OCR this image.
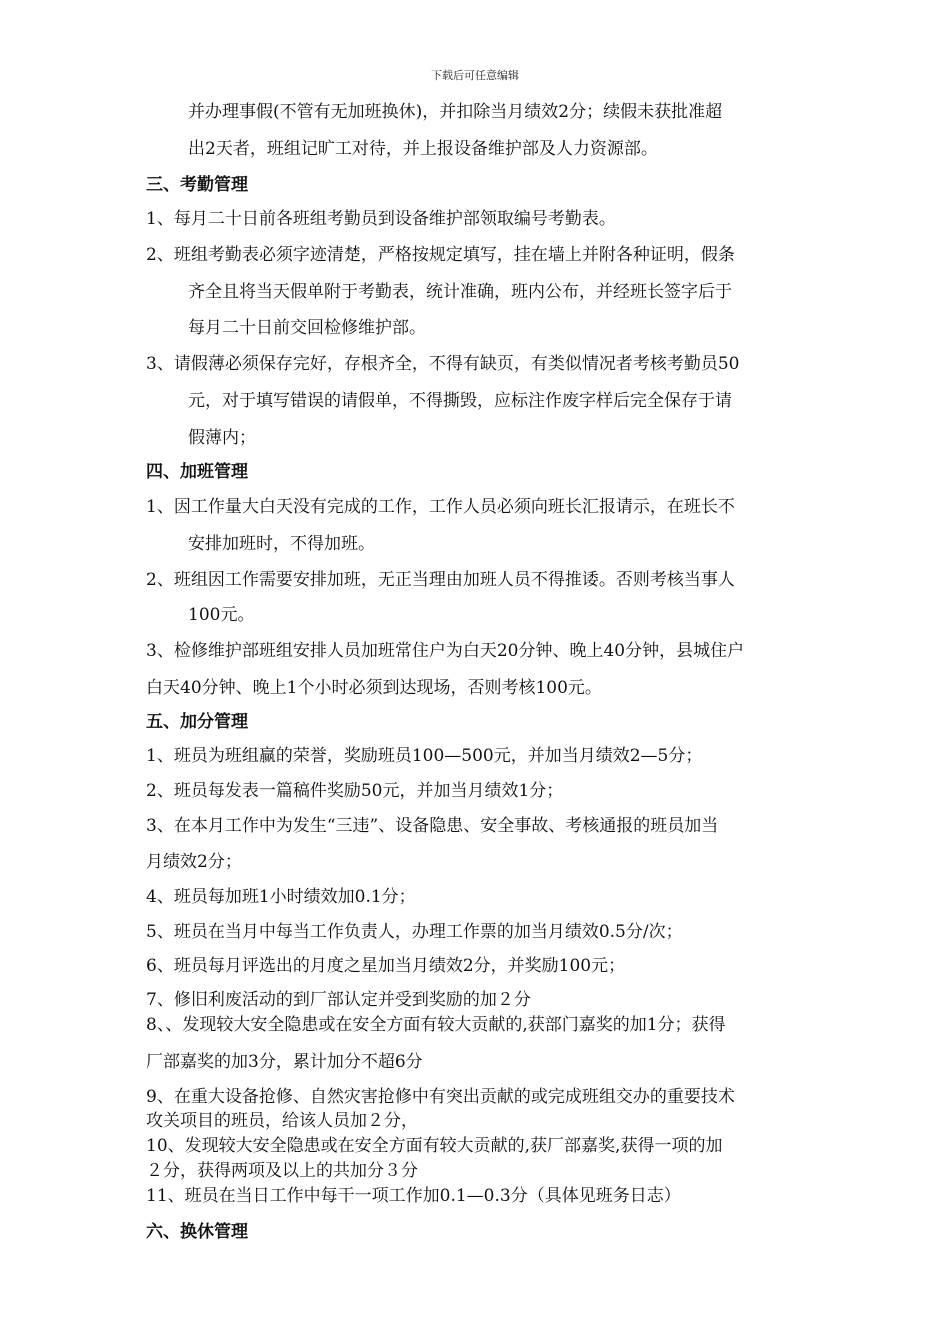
下载后可任意编辑
并办理事假(不管有无加班换休)，并扣除当月绩效2分；续假未获批准超
出2天者，班组记旷工对待，并上报设备维护部及人力资源部。
三、考勤管理
1、每月二十日前各班组考勤员到设备维护部领取编号考勤表。
2、班组考勤表必须字迹清楚，严格按规定填写，挂在墙上并附各种证明，假条
齐全且将当天假单附于考勤表，统计准确，班内公布，并经班长签字后于
每月二十日前交回检修维护部。
3、请假薄必须保存完好，存根齐全，不得有缺页，有类似情况者考核考勤员50
元，对于填写错误的请假单，不得撕毁，应标注作废字样后完全保存于请
假薄内；
四、加班管理
1、因工作量大白天没有完成的工作，工作人员必须向班长汇报请示，在班长不
安排加班时，不得加班。
2、班组因工作需要安排加班，无正当理由加班人员不得推诿。否则考核当事人
100元。
3、检修维护部班组安排人员加班常住户为白天20分钟、晚上40分钟，县城住户
白天40分钟、晚上1个小时必须到达现场，否则考核100元。
五、加分管理
1、班员为班组赢的荣誉，奖励班员100—500元，并加当月绩效2—5分；
2、班员每发表一篇稿件奖励50元，并加当月绩效1分；
3、在本月工作中为发生“三违”、设备隐患、安全事故、考核通报的班员加当
月绩效2分；
4、班员每加班1小时绩效加0.1分；
5、班员在当月中每当工作负责人，办理工作票的加当月绩效0.5分/次；
6、班员每月评选出的月度之星加当月绩效2分，并奖励100元；
7、修旧利废活动的到厂部认定并受到奖励的加２分
8、、发现较大安全隐患或在安全方面有较大贡献的,获部门嘉奖的加1分；获得
厂部嘉奖的加3分，累计加分不超6分
9、在重大设备抢修、自然灾害抢修中有突出贡献的或完成班组交办的重要技术
攻关项目的班员，给该人员加２分，
10、发现较大安全隐患或在安全方面有较大贡献的,获厂部嘉奖,获得一项的加
２分，获得两项及以上的共加分３分
11、班员在当日工作中每干一项工作加0.1—0.3分（具体见班务日志）
六、换休管理
